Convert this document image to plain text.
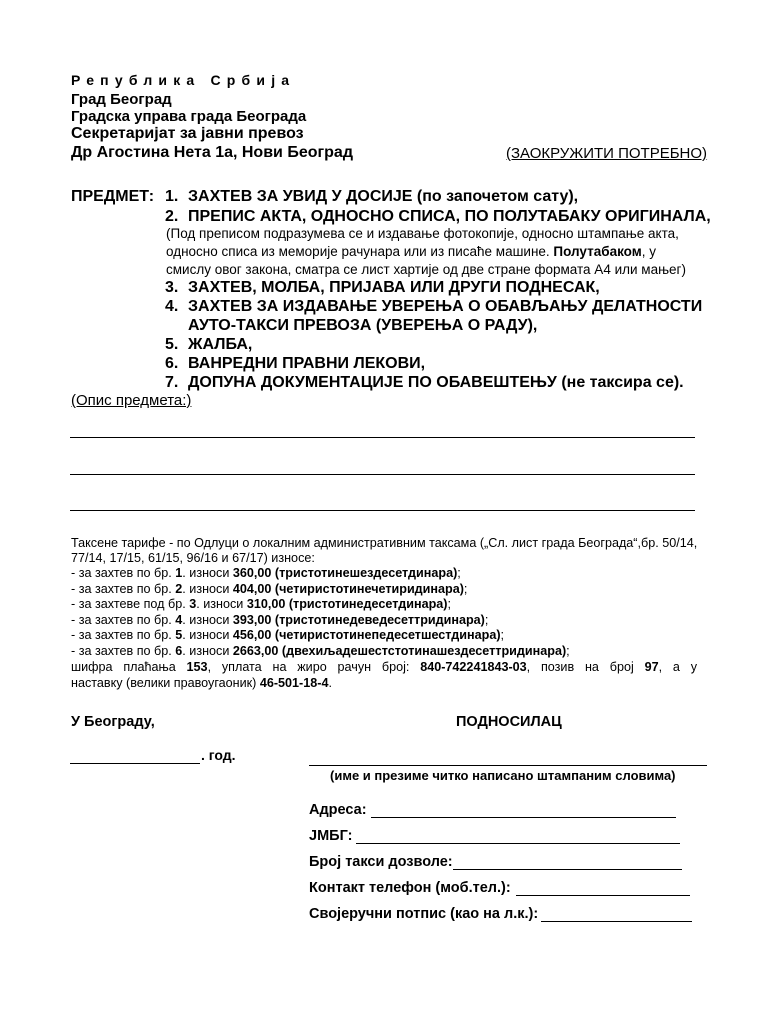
Република Србија
Град Београд
Градска управа града Београда
Секретаријат за јавни превоз
Др Агостина Нета 1а, Нови Београд	(ЗАОКРУЖИТИ ПОТРЕБНО)
ПРЕДМЕТ: 1. ЗАХТЕВ ЗА УВИД У ДОСИЈЕ (по започетом сату),
2. ПРЕПИС АКТА, ОДНОСНО СПИСА, ПО ПОЛУТАБАКУ ОРИГИНАЛА,
(Под преписом подразумева се и издавање фотокопије, односно штампање акта,
односно списа из меморије рачунара или из писаће машине. Полутабаком, у
смислу овог закона, сматра се лист хартије од две стране формата А4 или мањег)
3. ЗАХТЕВ, МОЛБА, ПРИЈАВА ИЛИ ДРУГИ ПОДНЕСАК,
4. ЗАХТЕВ ЗА ИЗДАВАЊЕ УВЕРЕЊА О ОБАВЉАЊУ ДЕЛАТНОСТИ
АУТО-ТАКСИ ПРЕВОЗА (УВЕРЕЊА О РАДУ),
5. ЖАЛБА,
6. ВАНРЕДНИ ПРАВНИ ЛЕКОВИ,
7. ДОПУНА ДОКУМЕНТАЦИЈЕ ПО ОБАВЕШТЕЊУ (не таксира се).
(Опис предмета:)
Таксене тарифе - по Одлуци о локалним административним таксама („Сл. лист града Београда“,бр. 50/14,
77/14, 17/15, 61/15, 96/16 и 67/17) износе:
- за захтев по бр. 1. износи 360,00 (тристотинешездесетдинара);
- за захтев по бр. 2. износи 404,00 (четиристотинечетиридинара);
- за захтеве под бр. 3. износи 310,00 (тристотинедесетдинара);
- за захтев по бр. 4. износи 393,00 (тристотинедеведесеттридинара);
- за захтев по бр. 5. износи 456,00 (четиристотинепедесетшестдинара);
- за захтев по бр. 6. износи 2663,00 (двехиљадешестстотинашездесеттридинара);
шифра плаћања 153, уплата на жиро рачун број: 840-742241843-03, позив на број 97, а у
наставку (велики правоугаоник) 46-501-18-4.
У Београду,	ПОДНОСИЛАЦ
. год.
(име и презиме читко написано штампаним словима)
Адреса:
ЈМБГ:
Број такси дозволе:
Контакт телефон (моб.тел.):
Својеручни потпис (као на л.к.):
